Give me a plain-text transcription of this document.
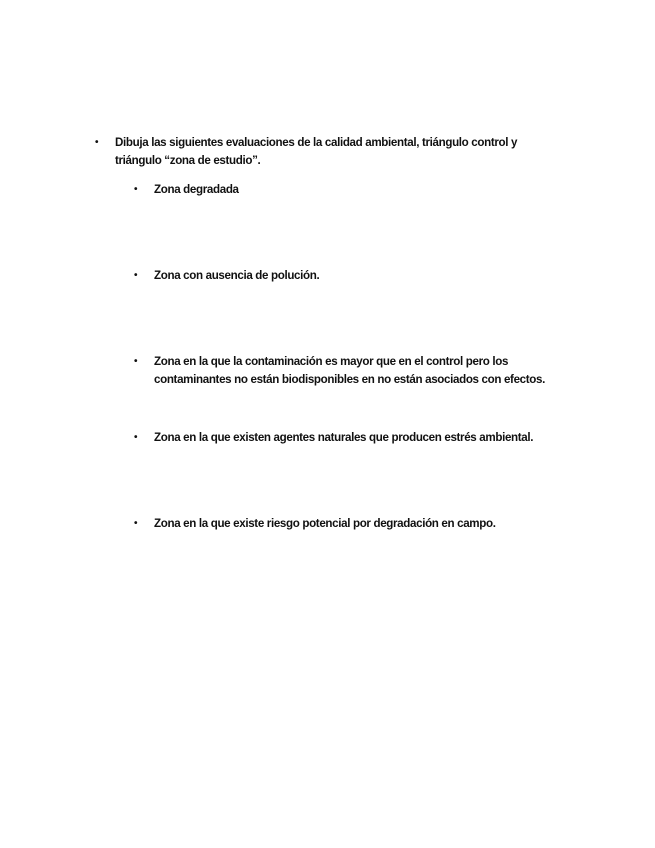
• Dibuja las siguientes evaluaciones de la calidad ambiental, triángulo control y triángulo “zona de estudio”.
• Zona degradada
• Zona con ausencia de polución.
• Zona en la que la contaminación es mayor que en el control pero los contaminantes no están biodisponibles en no están asociados con efectos.
• Zona en la que existen agentes naturales que producen estrés ambiental.
• Zona en la que existe riesgo potencial por degradación en campo.
